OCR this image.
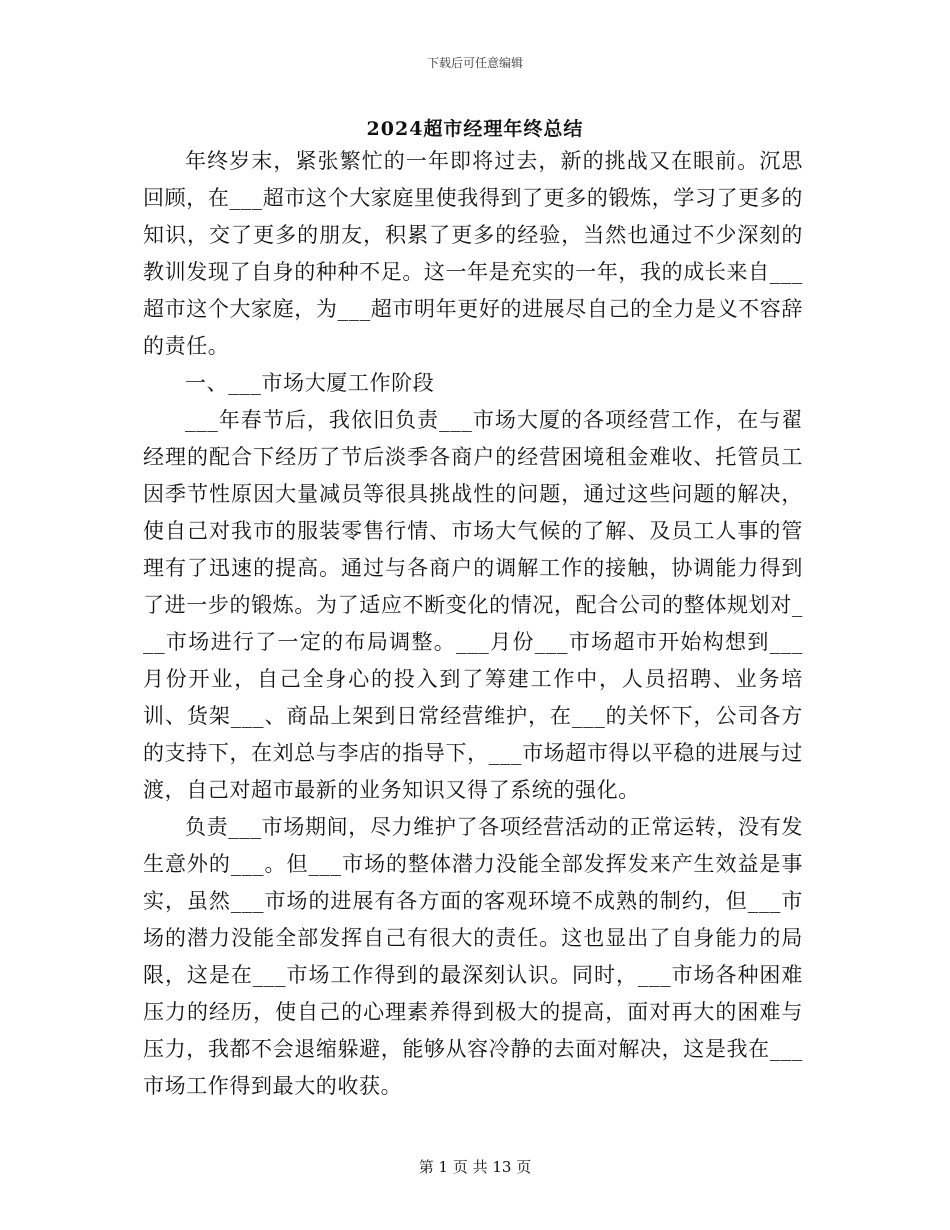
下载后可任意编辑
2024超市经理年终总结

年终岁末，紧张繁忙的一年即将过去，新的挑战又在眼前。沉思回顾，在___超市这个大家庭里使我得到了更多的锻炼，学习了更多的知识，交了更多的朋友，积累了更多的经验，当然也通过不少深刻的教训发现了自身的种种不足。这一年是充实的一年，我的成长来自___超市这个大家庭，为___超市明年更好的进展尽自己的全力是义不容辞的责任。

一、___市场大厦工作阶段

___年春节后，我依旧负责___市场大厦的各项经营工作，在与翟经理的配合下经历了节后淡季各商户的经营困境租金难收、托管员工因季节性原因大量减员等很具挑战性的问题，通过这些问题的解决，使自己对我市的服装零售行情、市场大气候的了解、及员工人事的管理有了迅速的提高。通过与各商户的调解工作的接触，协调能力得到了进一步的锻炼。为了适应不断变化的情况，配合公司的整体规划对___市场进行了一定的布局调整。___月份___市场超市开始构想到___月份开业，自己全身心的投入到了筹建工作中，人员招聘、业务培训、货架___、商品上架到日常经营维护，在___的关怀下，公司各方的支持下，在刘总与李店的指导下，___市场超市得以平稳的进展与过渡，自己对超市最新的业务知识又得了系统的强化。

负责___市场期间，尽力维护了各项经营活动的正常运转，没有发生意外的___。但___市场的整体潜力没能全部发挥发来产生效益是事实，虽然___市场的进展有各方面的客观环境不成熟的制约，但___市场的潜力没能全部发挥自己有很大的责任。这也显出了自身能力的局限，这是在___市场工作得到的最深刻认识。同时，___市场各种困难压力的经历，使自己的心理素养得到极大的提高，面对再大的困难与压力，我都不会退缩躲避，能够从容冷静的去面对解决，这是我在___市场工作得到最大的收获。

第 1 页 共 13 页
